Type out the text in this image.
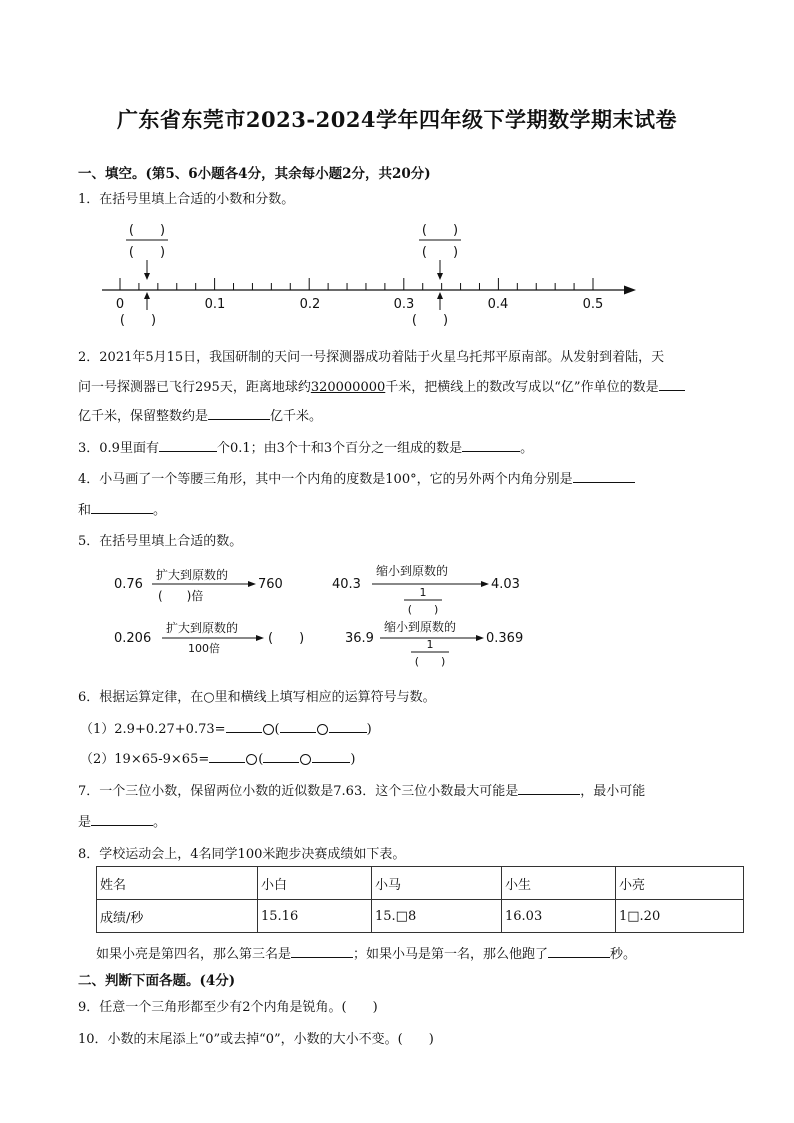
广东省东莞市2023-2024学年四年级下学期数学期末试卷
一、填空。(第5、6小题各4分，其余每小题2分，共20分)
1．在括号里填上合适的小数和分数。
0	0.1	0.2	0.3	0.4	0.5
(　　)
(　　)
(　　)
(　　)
(　　)
(　　)
2．2021年5月15日，我国研制的天问一号探测器成功着陆于火星乌托邦平原南部。从发射到着陆，天
问一号探测器已飞行295天，距离地球约320000000千米，把横线上的数改写成以“亿”作单位的数是
亿千米，保留整数约是	亿千米。
3．0.9里面有	个0.1；由3个十和3个百分之一组成的数是	。
4．小马画了一个等腰三角形，其中一个内角的度数是100°，它的另外两个内角分别是
和	。
5．在括号里填上合适的数。
0.76
扩大到原数的
(　　)倍
760	40.3
缩小到原数的
1
(　　)
4.03
0.206
扩大到原数的
100倍
(　　)	36.9
缩小到原数的
1
(　　)
0.369
6．根据运算定律，在○里和横线上填写相应的运算符号与数。
（1）2.9+0.27+0.73=	(	)
（2）19×65-9×65=	(	)
7．一个三位小数，保留两位小数的近似数是7.63．这个三位小数最大可能是	，最小可能
是	。
8．学校运动会上，4名同学100米跑步决赛成绩如下表。
姓名	小白	小马	小生	小亮
成绩/秒	15.16	15.□8	16.03	1□.20
如果小亮是第四名，那么第三名是	；如果小马是第一名，那么他跑了	秒。
二、判断下面各题。(4分)
9．任意一个三角形都至少有2个内角是锐角。(　　)
10．小数的末尾添上“0”或去掉“0”，小数的大小不变。(　　)
